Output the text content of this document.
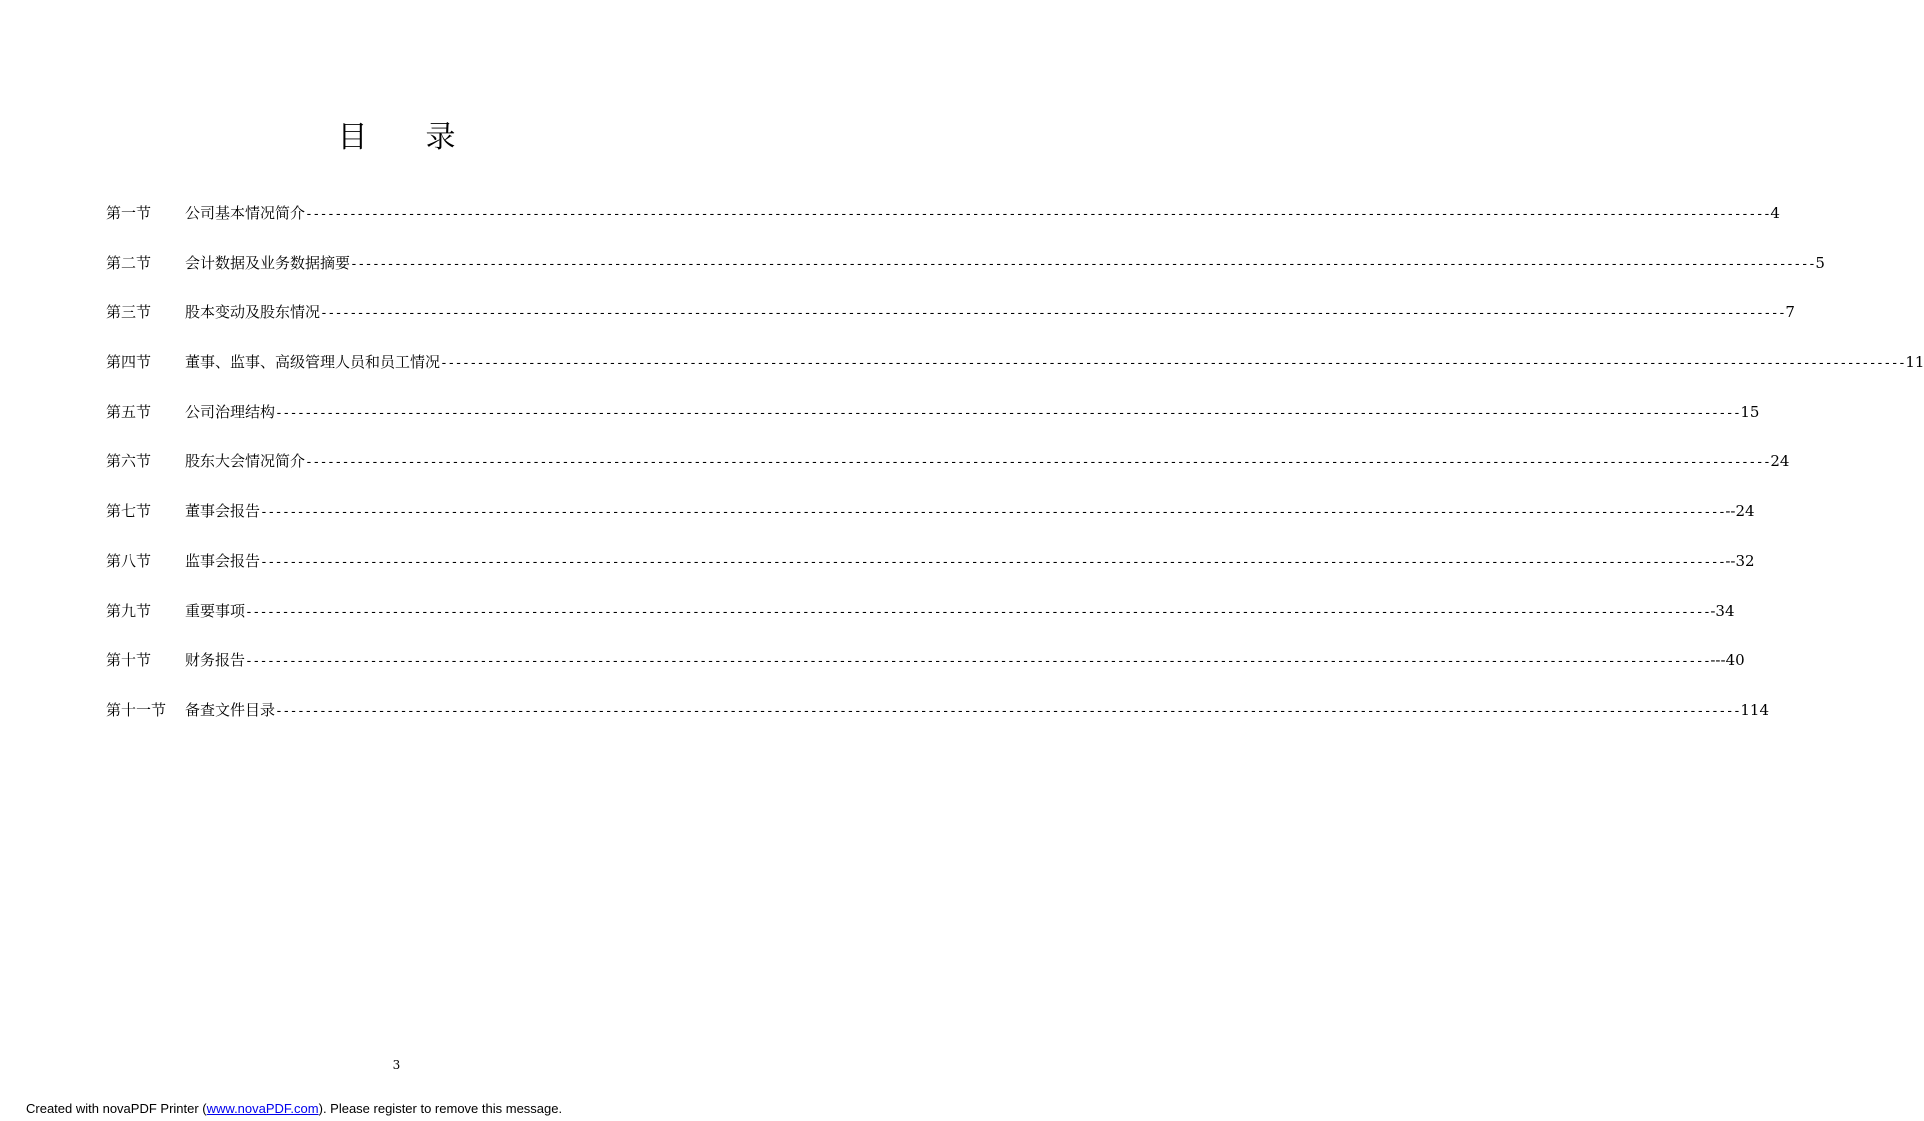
目 录
第一节	公司基本情况简介 -------------------------------------------------------------------------------------------------------------------------------------------------------------------------------------------------------- 4
第二节	会计数据及业务数据摘要 -------------------------------------------------------------------------------------------------------------------------------------------------------------------------------------------------------- 5
第三节	股本变动及股东情况 -------------------------------------------------------------------------------------------------------------------------------------------------------------------------------------------------------- 7
第四节	董事、监事、高级管理人员和员工情况 -------------------------------------------------------------------------------------------------------------------------------------------------------------------------------------------------------- 11
第五节	公司治理结构 -------------------------------------------------------------------------------------------------------------------------------------------------------------------------------------------------------- 15
第六节	股东大会情况简介 -------------------------------------------------------------------------------------------------------------------------------------------------------------------------------------------------------- 24
第七节	董事会报告 -------------------------------------------------------------------------------------------------------------------------------------------------------------------------------------------------------- --24
第八节	监事会报告 -------------------------------------------------------------------------------------------------------------------------------------------------------------------------------------------------------- --32
第九节	重要事项 -------------------------------------------------------------------------------------------------------------------------------------------------------------------------------------------------------- -34
第十节	财务报告 -------------------------------------------------------------------------------------------------------------------------------------------------------------------------------------------------------- ---40
第十一节	备查文件目录 -------------------------------------------------------------------------------------------------------------------------------------------------------------------------------------------------------- 114
3
Created with novaPDF Printer (www.novaPDF.com). Please register to remove this message.
